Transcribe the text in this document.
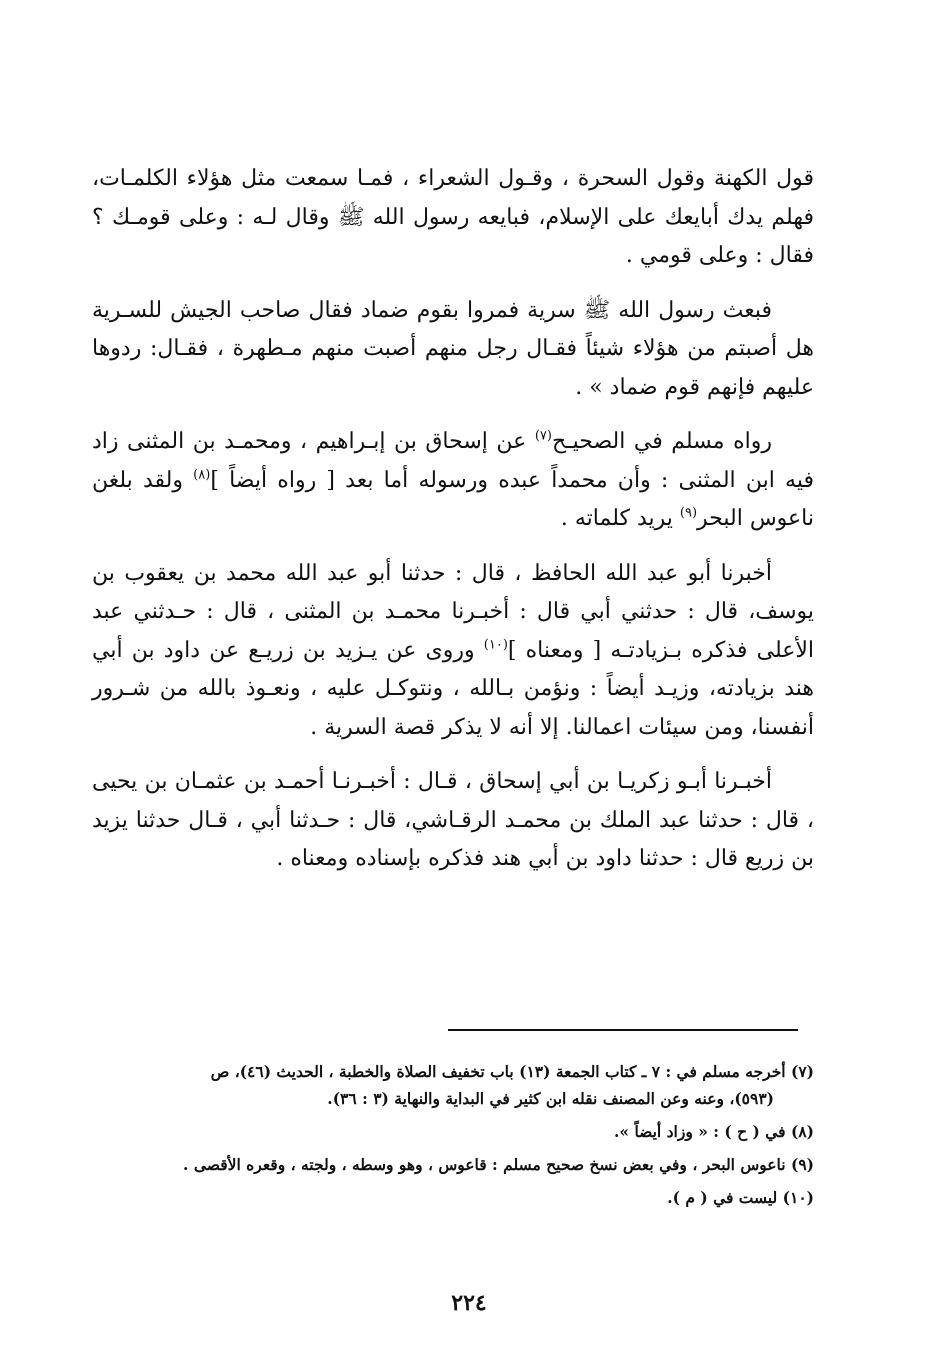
قول الكهنة وقول السحرة ، وقـول الشعراء ، فمـا سمعت مثل هؤلاء الكلمـات، فهلم يدك أبايعك على الإسلام، فبايعه رسول الله ﷺ وقال لـه : وعلى قومـك ؟ فقال : وعلى قومي .

فبعث رسول الله ﷺ سرية فمروا بقوم ضماد فقال صاحب الجيش للسـرية هل أصبتم من هؤلاء شيئاً فقـال رجل منهم أصبت منهم مـطهرة ، فقـال: ردوها عليهم فإنهم قوم ضماد » .

رواه مسلم في الصحيـح$^{(٧)}$ عن إسحاق بن إبـراهيم ، ومحمـد بن المثنى زاد فيه ابن المثنى : وأن محمداً عبده ورسوله أما بعد [ رواه أيضاً ]$^{(٨)}$ ولقد بلغن ناعوس البحر$^{(٩)}$ يريد كلماته .

أخبرنا أبو عبد الله الحافظ ، قال : حدثنا أبو عبد الله محمد بن يعقوب بن يوسف، قال : حدثني أبي قال : أخبـرنا محمـد بن المثنى ، قال : حـدثني عبد الأعلى فذكره بـزيادتـه [ ومعناه ]$^{(١٠)}$ وروى عن يـزيد بن زريـع عن داود بن أبي هند بزيادته، وزيـد أيضاً : ونؤمن بـالله ، ونتوكـل عليه ، ونعـوذ بالله من شـرور أنفسنا، ومن سيئات اعمالنا. إلا أنه لا يذكر قصة السرية .

أخبـرنا أبـو زكريـا بن أبي إسحاق ، قـال : أخبـرنـا أحمـد بن عثمـان بن يحيى ، قال : حدثنا عبد الملك بن محمـد الرقـاشي، قال : حـدثنا أبي ، قـال حدثنا يزيد بن زريع قال : حدثنا داود بن أبي هند فذكره بإسناده ومعناه .

(٧) أخرجه مسلم في : ٧ ـ كتاب الجمعة (١٣) باب تخفيف الصلاة والخطبة ، الحديث (٤٦)، ص
(٥٩٣)، وعنه وعن المصنف نقله ابن كثير في البداية والنهاية (٣ : ٣٦).

(٨) في ( ح ) : « وزاد أيضاً ».

(٩) ناعوس البحر ، وفي بعض نسخ صحيح مسلم : قاعوس ، وهو وسطه ، ولجته ، وقعره الأقصى .

(١٠) ليست في ( م ).

٢٢٤
